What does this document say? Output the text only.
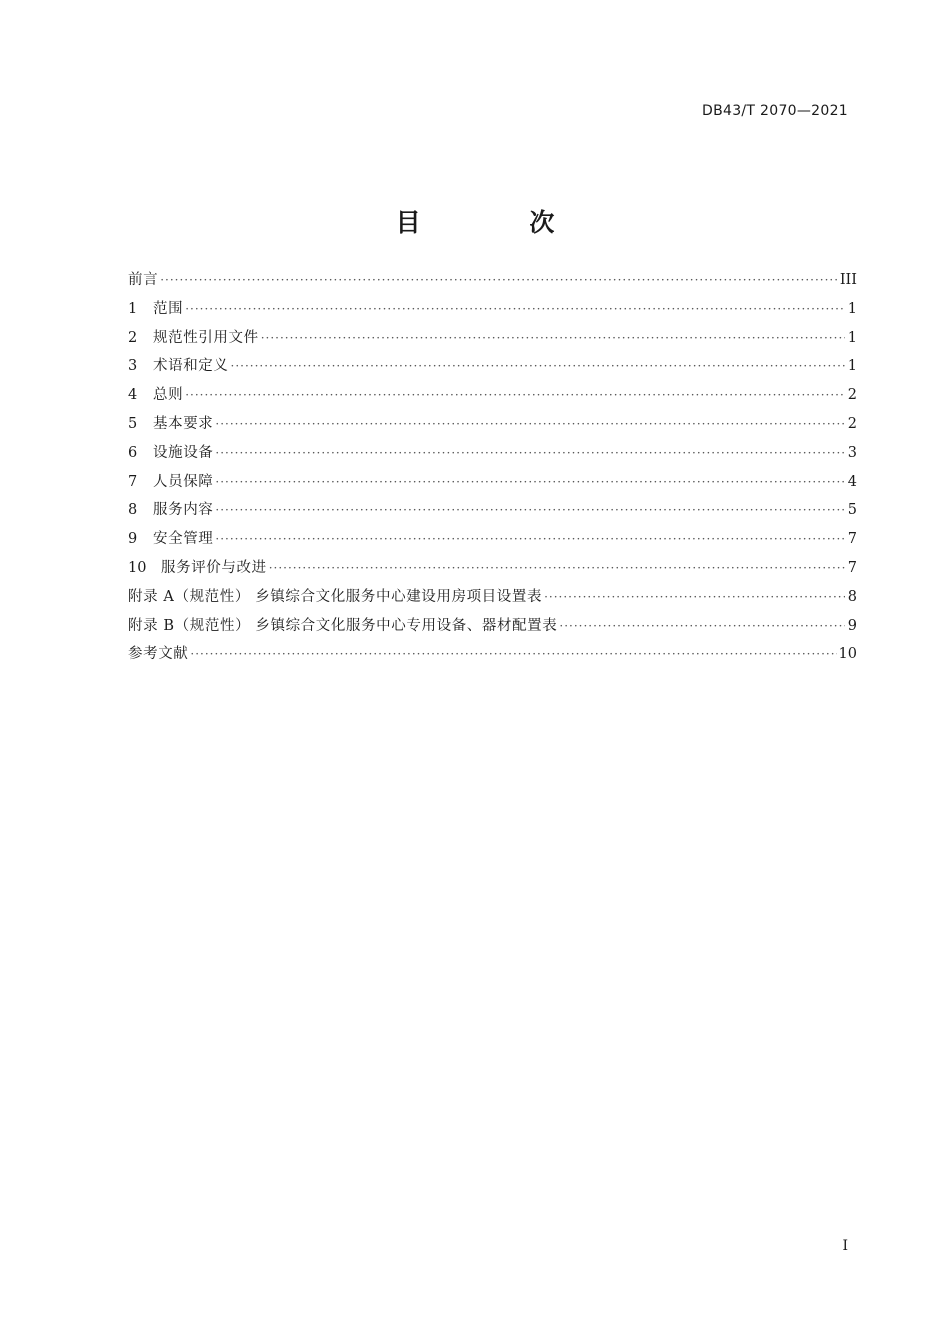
DB43/T 2070—2021
目 次
前言 ·····	III
1	范围 ·····	1
2	规范性引用文件 ·····	1
3	术语和定义 ·····	1
4	总则 ·····	2
5	基本要求 ·····	2
6	设施设备 ·····	3
7	人员保障 ·····	4
8	服务内容 ·····	5
9	安全管理 ·····	7
10	服务评价与改进 ·····	7
附录 A（规范性） 乡镇综合文化服务中心建设用房项目设置表 ·····	8
附录 B（规范性） 乡镇综合文化服务中心专用设备、器材配置表 ·····	9
参考文献 ·····	10
I
